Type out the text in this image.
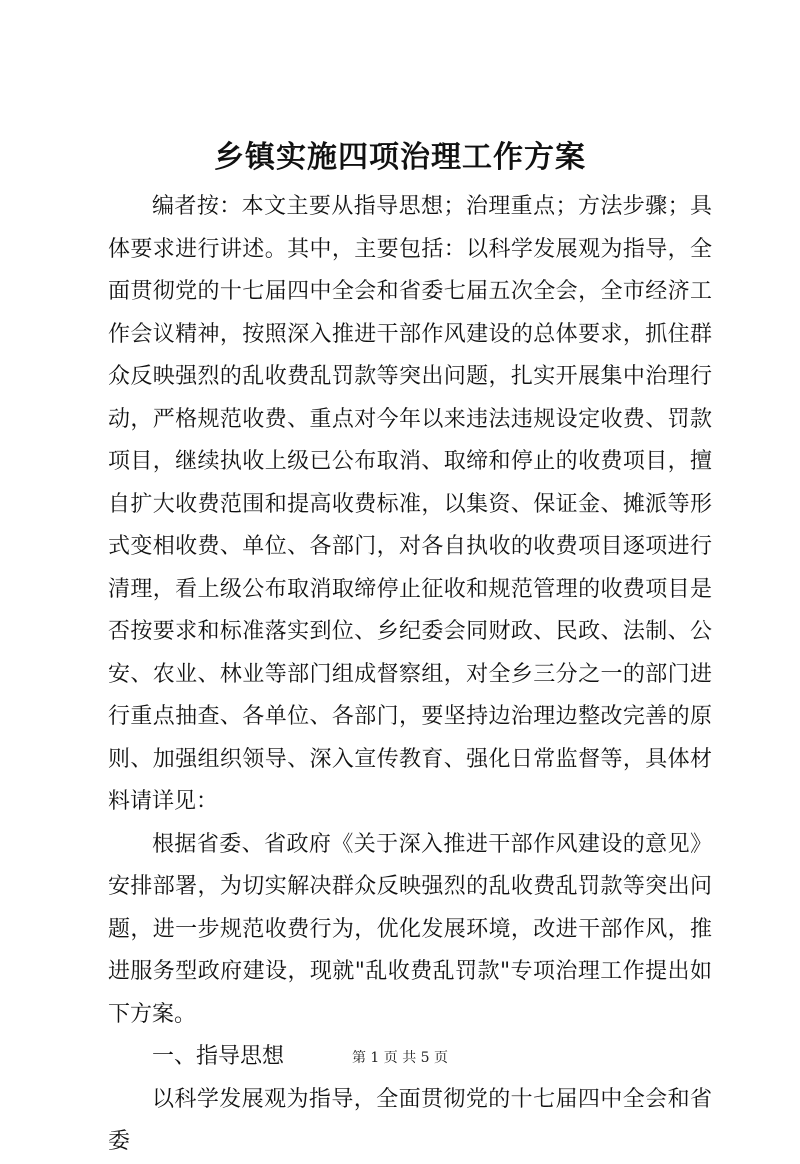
乡镇实施四项治理工作方案

编者按：本文主要从指导思想；治理重点；方法步骤；具体要求进行讲述。其中，主要包括：以科学发展观为指导，全面贯彻党的十七届四中全会和省委七届五次全会，全市经济工作会议精神，按照深入推进干部作风建设的总体要求，抓住群众反映强烈的乱收费乱罚款等突出问题，扎实开展集中治理行动，严格规范收费、重点对今年以来违法违规设定收费、罚款项目，继续执收上级已公布取消、取缔和停止的收费项目，擅自扩大收费范围和提高收费标准，以集资、保证金、摊派等形式变相收费、单位、各部门，对各自执收的收费项目逐项进行清理，看上级公布取消取缔停止征收和规范管理的收费项目是否按要求和标准落实到位、乡纪委会同财政、民政、法制、公安、农业、林业等部门组成督察组，对全乡三分之一的部门进行重点抽查、各单位、各部门，要坚持边治理边整改完善的原则、加强组织领导、深入宣传教育、强化日常监督等，具体材料请详见：

根据省委、省政府《关于深入推进干部作风建设的意见》安排部署，为切实解决群众反映强烈的乱收费乱罚款等突出问题，进一步规范收费行为，优化发展环境，改进干部作风，推进服务型政府建设，现就"乱收费乱罚款"专项治理工作提出如下方案。

一、指导思想

以科学发展观为指导，全面贯彻党的十七届四中全会和省委

第 1 页 共 5 页
